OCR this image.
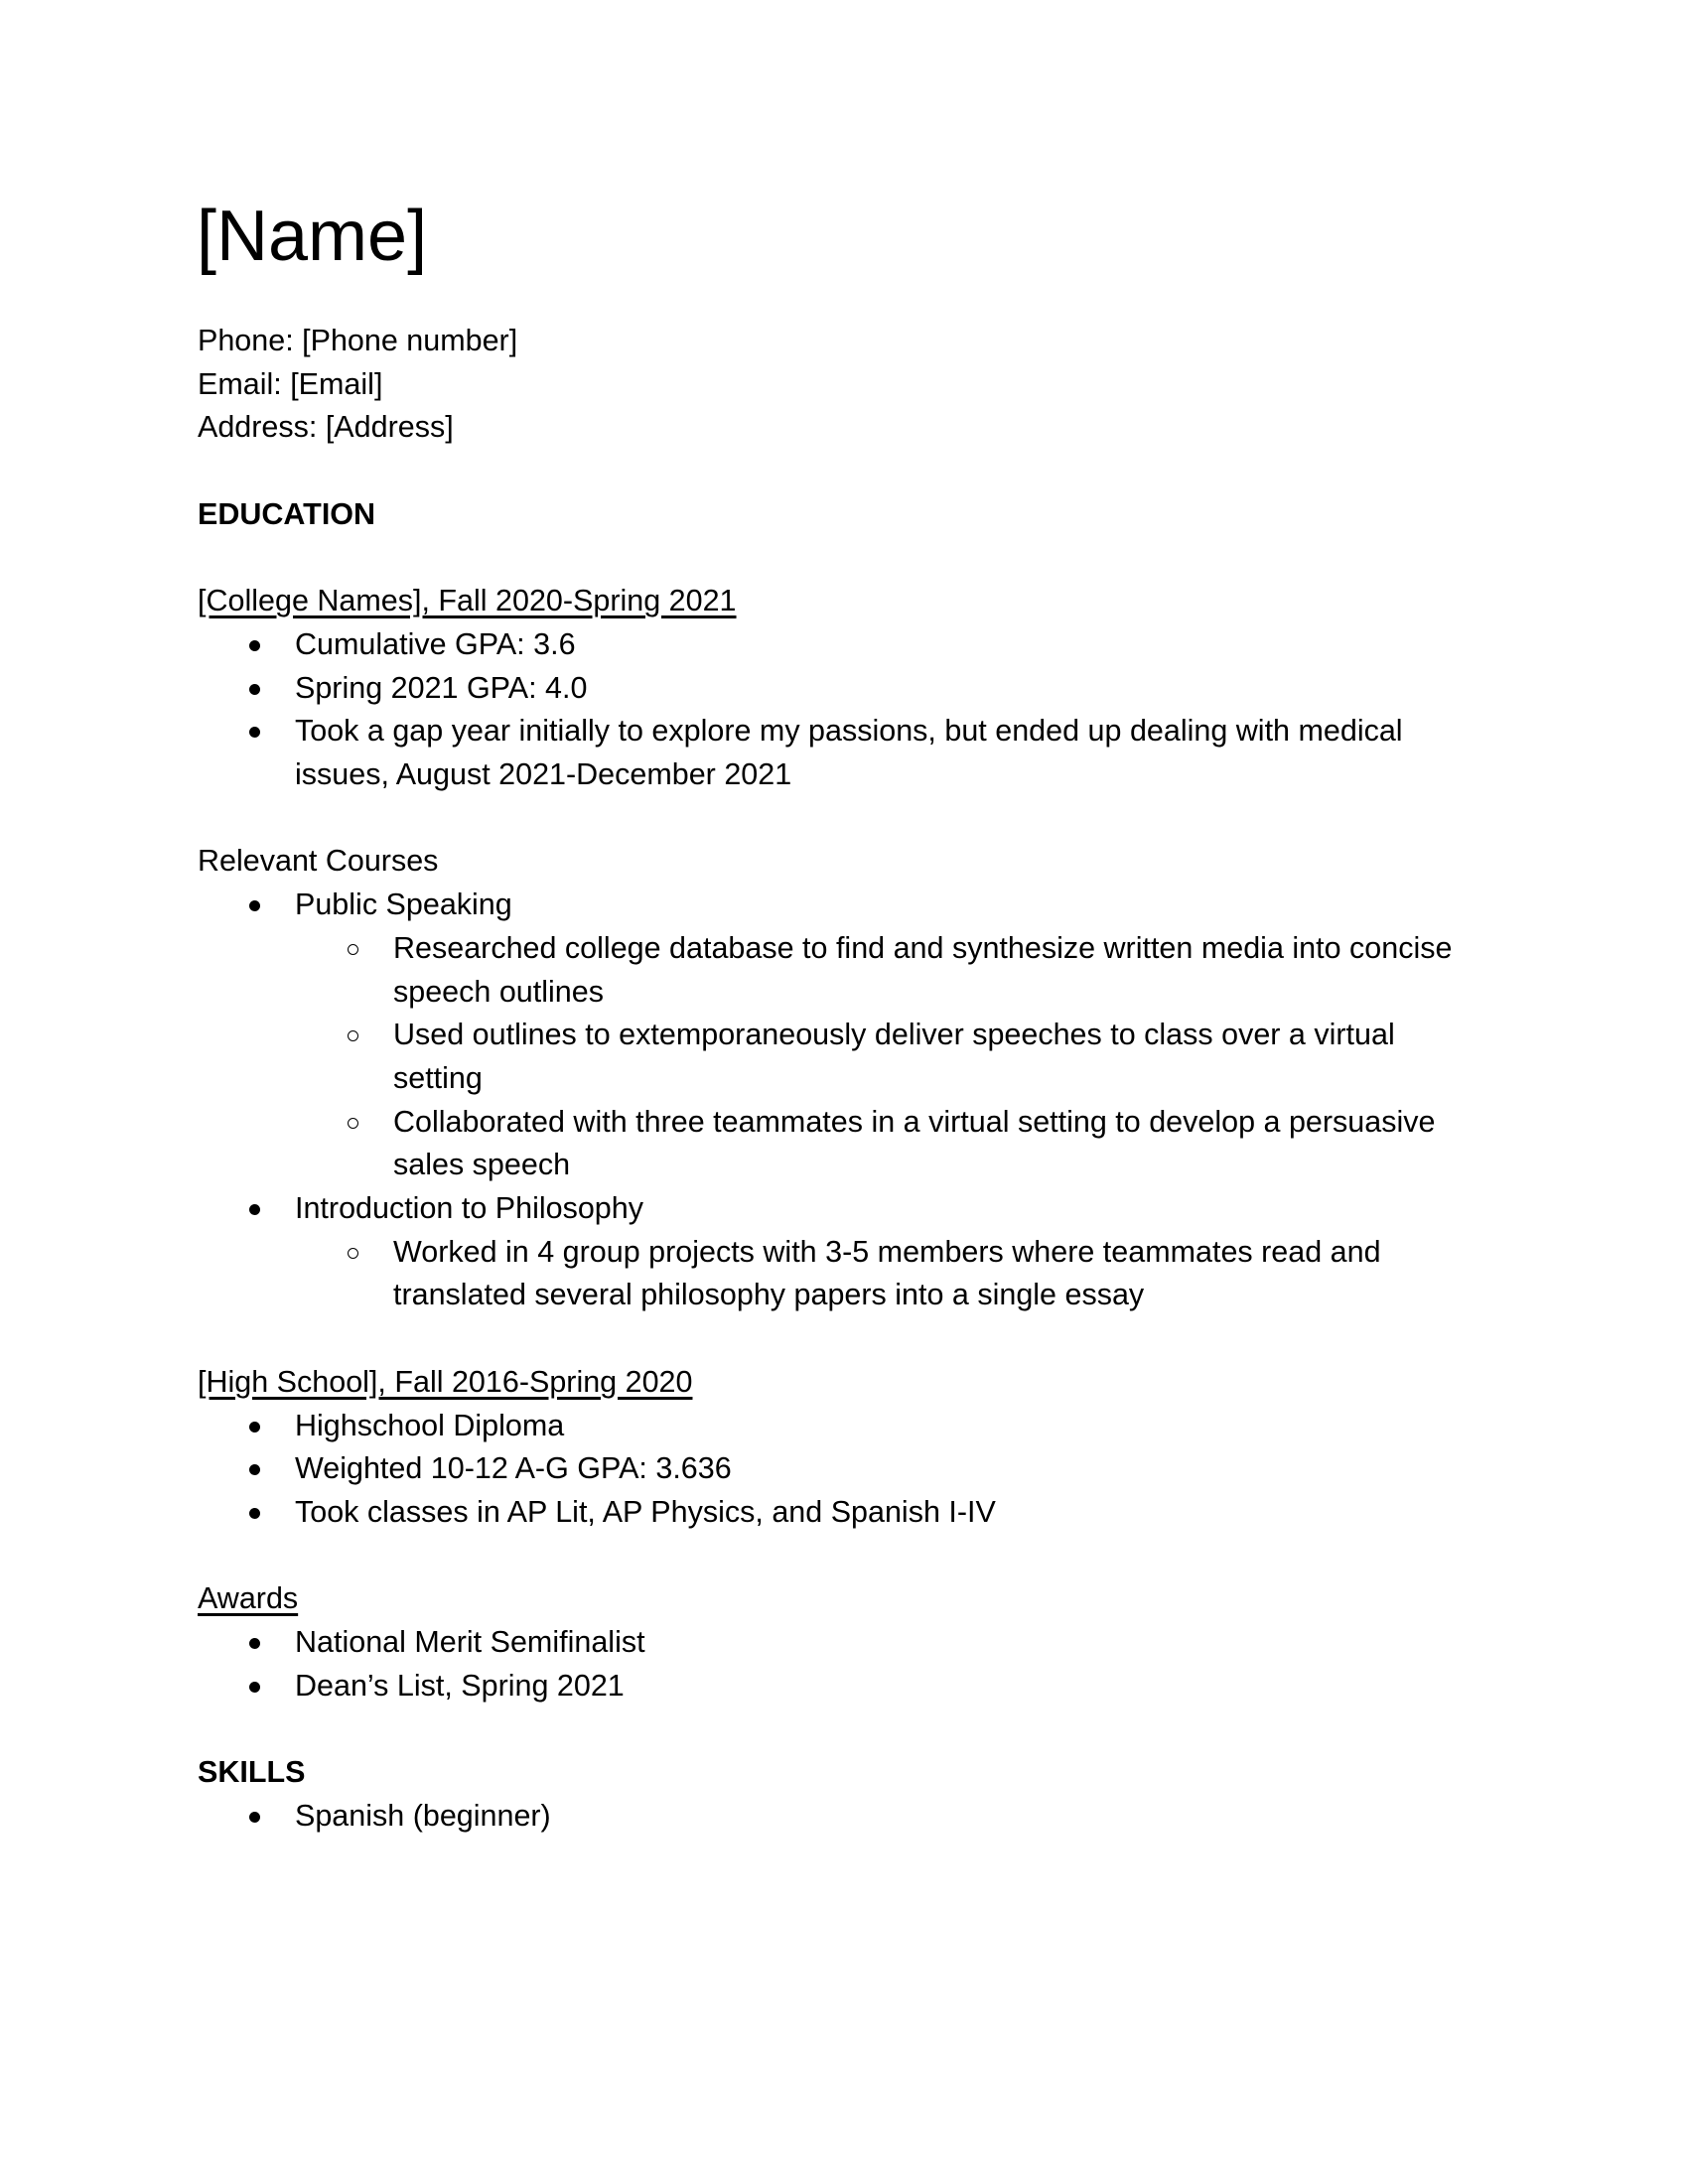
[Name]

Phone: [Phone number]

Email: [Email]

Address: [Address]

EDUCATION

[College Names], Fall 2020-Spring 2021

Cumulative GPA: 3.6
Spring 2021 GPA: 4.0
Took a gap year initially to explore my passions, but ended up dealing with medical issues, August 2021-December 2021

Relevant Courses

Public Speaking
Researched college database to find and synthesize written media into concise speech outlines
Used outlines to extemporaneously deliver speeches to class over a virtual setting
Collaborated with three teammates in a virtual setting to develop a persuasive sales speech
Introduction to Philosophy
Worked in 4 group projects with 3-5 members where teammates read and translated several philosophy papers into a single essay

[High School], Fall 2016-Spring 2020

Highschool Diploma
Weighted 10-12 A-G GPA: 3.636
Took classes in AP Lit, AP Physics, and Spanish I-IV

Awards

National Merit Semifinalist
Dean’s List, Spring 2021

SKILLS

Spanish (beginner)
